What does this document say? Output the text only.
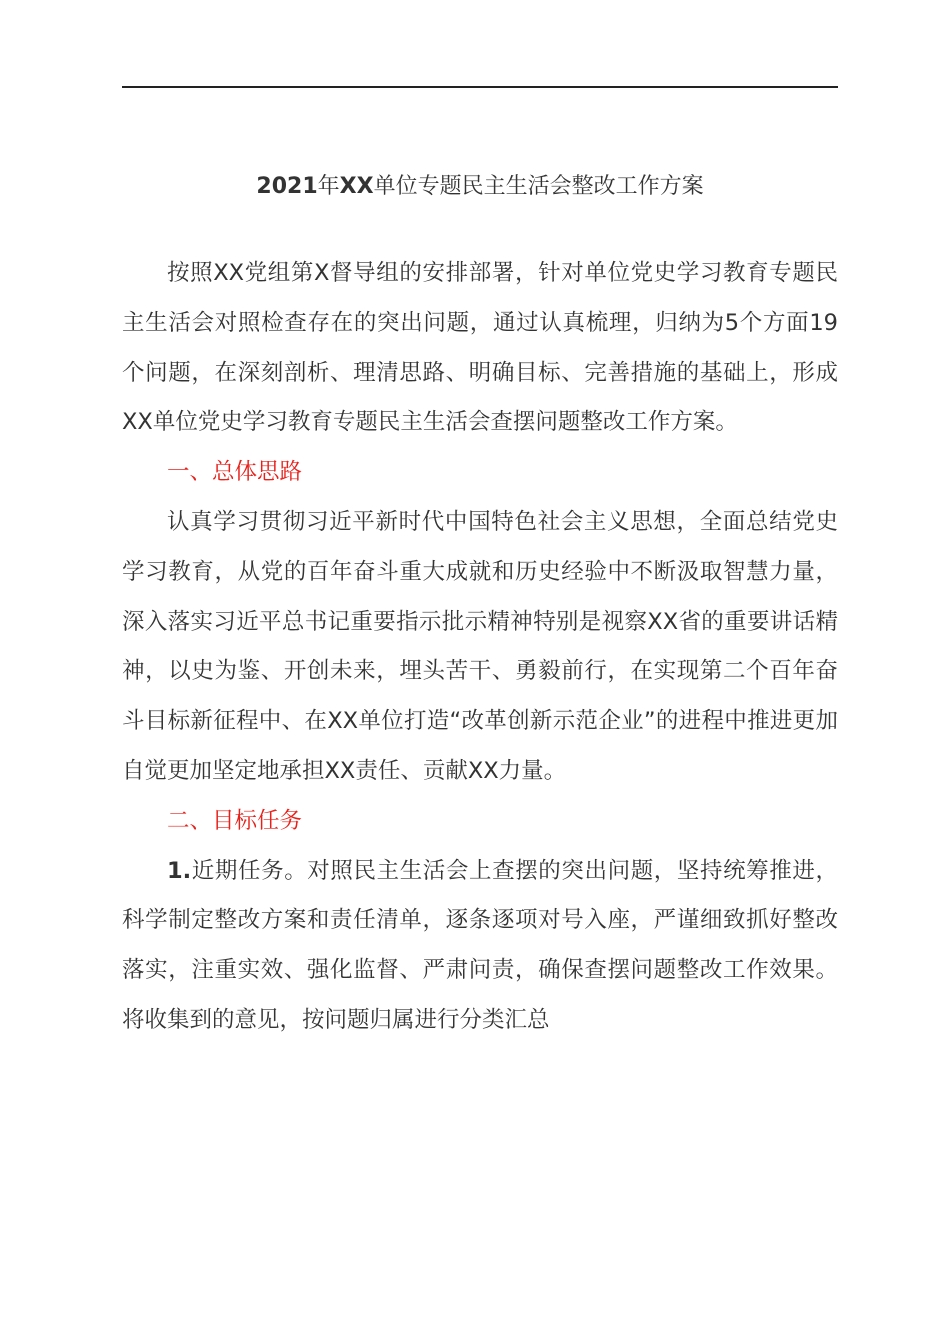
2021年XX单位专题民主生活会整改工作方案

按照XX党组第X督导组的安排部署，针对单位党史学习教育专题民主生活会对照检查存在的突出问题，通过认真梳理，归纳为5个方面19个问题，在深刻剖析、理清思路、明确目标、完善措施的基础上，形成XX单位党史学习教育专题民主生活会查摆问题整改工作方案。

一、总体思路

认真学习贯彻习近平新时代中国特色社会主义思想，全面总结党史学习教育，从党的百年奋斗重大成就和历史经验中不断汲取智慧力量，深入落实习近平总书记重要指示批示精神特别是视察XX省的重要讲话精神，以史为鉴、开创未来，埋头苦干、勇毅前行，在实现第二个百年奋斗目标新征程中、在XX单位打造“改革创新示范企业”的进程中推进更加自觉更加坚定地承担XX责任、贡献XX力量。

二、目标任务

1.近期任务。对照民主生活会上查摆的突出问题，坚持统筹推进，科学制定整改方案和责任清单，逐条逐项对号入座，严谨细致抓好整改落实，注重实效、强化监督、严肃问责，确保查摆问题整改工作效果。将收集到的意见，按问题归属进行分类汇总
